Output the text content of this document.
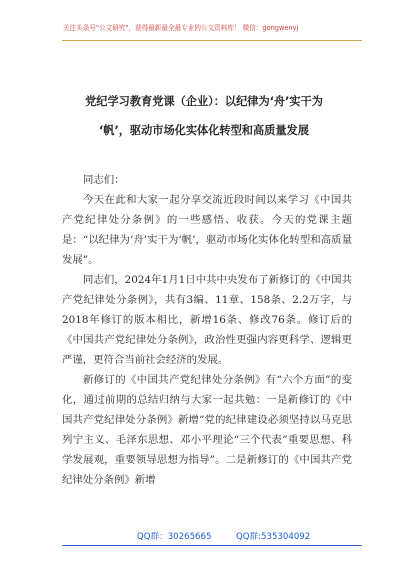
关注头条号"公文研究"，获得最新最全最专业的公文资料库！ 微信：gongwenyj
党纪学习教育党课（企业）：以纪律为‘舟’实干为
‘帆’，驱动市场化实体化转型和高质量发展

同志们：

今天在此和大家一起分享交流近段时间以来学习《中国共产党纪律处分条例》的一些感悟、收获。今天的党课主题是：“以纪律为‘舟’实干为‘帆’，驱动市场化实体化转型和高质量发展”。

同志们，2024年1月1日中共中央发布了新修订的《中国共产党纪律处分条例》，共有3编、11章、158条、2.2万字，与2018年修订的版本相比，新增16条、修改76条。修订后的《中国共产党纪律处分条例》，政治性更强内容更科学、逻辑更严谨，更符合当前社会经济的发展。

新修订的《中国共产党纪律处分条例》有“六个方面”的变化，通过前期的总结归纳与大家一起共勉：一是新修订的《中国共产党纪律处分条例》新增“党的纪律建设必须坚持以马克思列宁主义、毛泽东思想、邓小平理论“三个代表”重要思想、科学发展观，重要领导思想为指导”。二是新修订的《中国共产党纪律处分条例》新增

QQ群：30265665	QQ群:535304092
